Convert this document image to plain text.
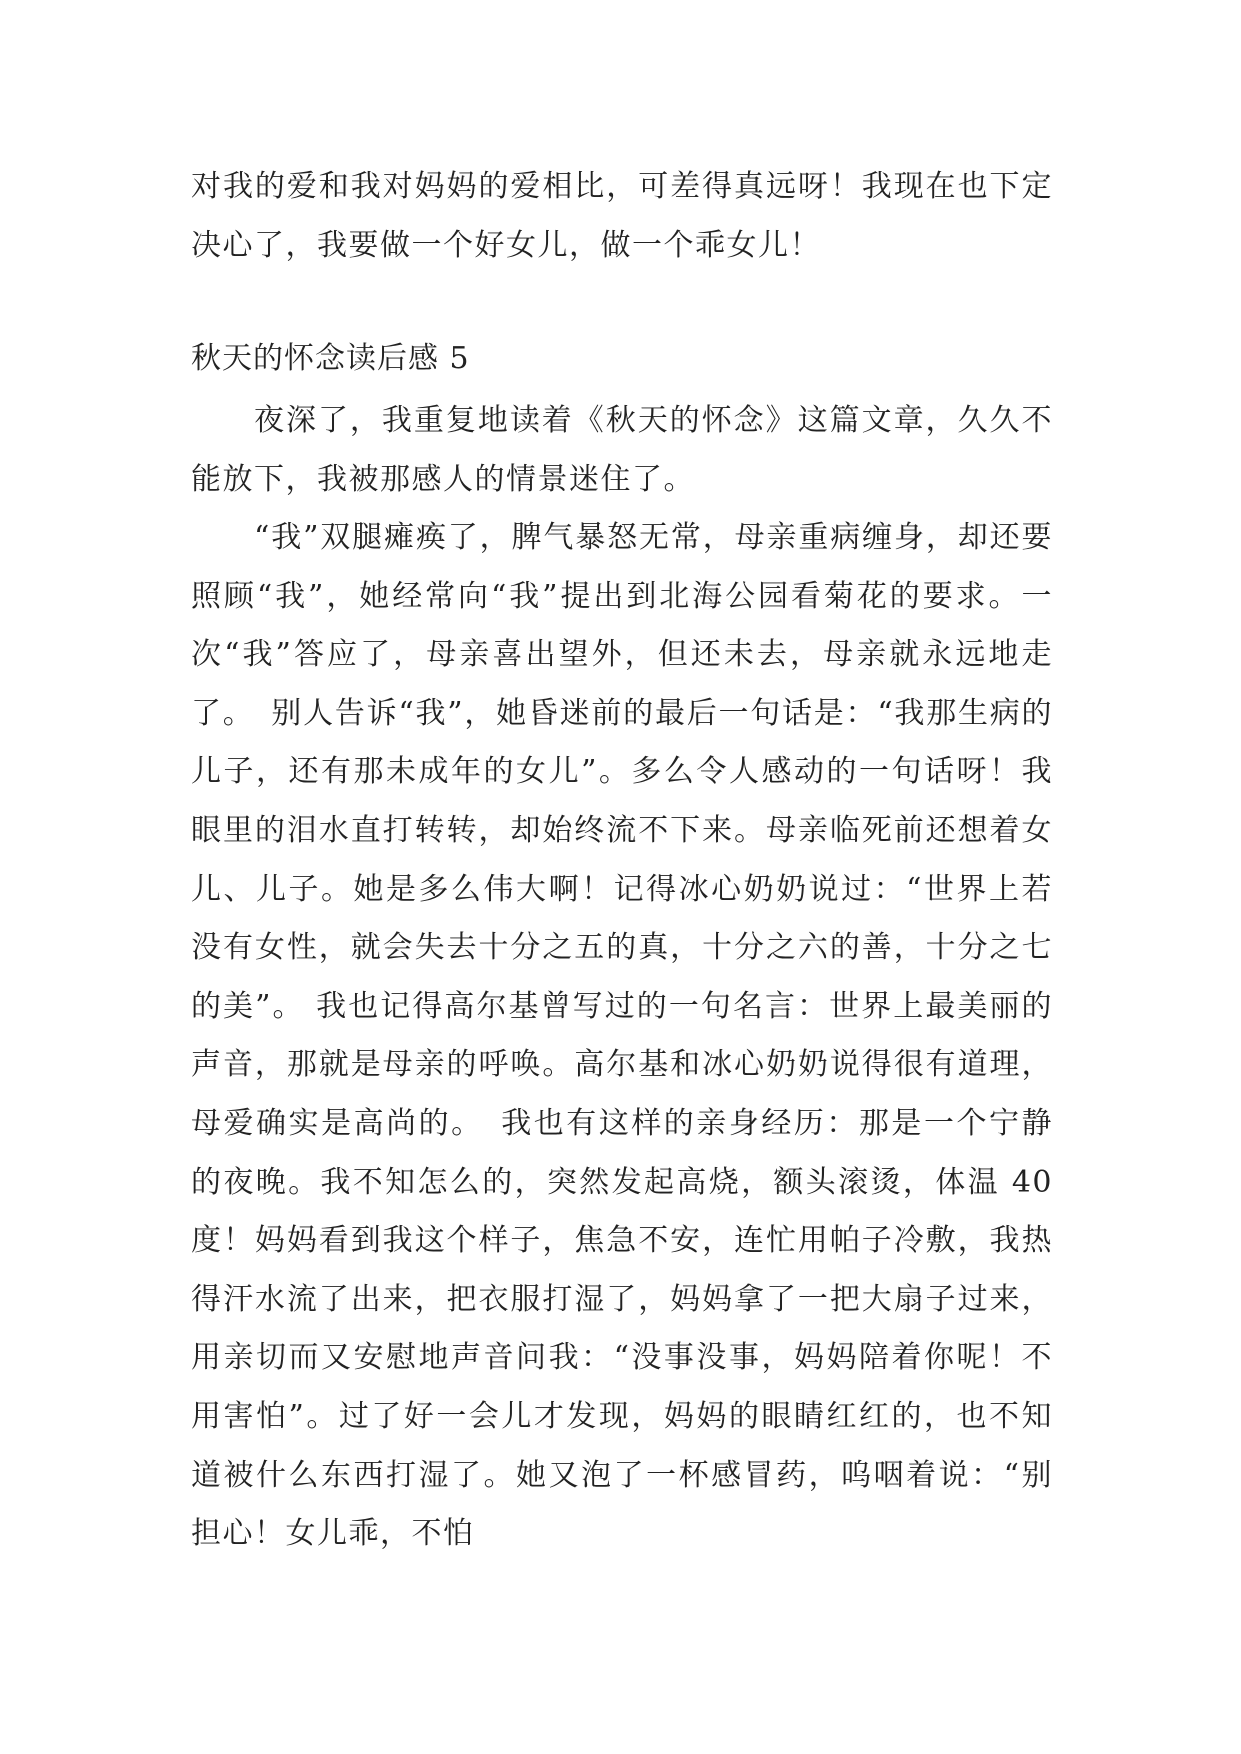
对我的爱和我对妈妈的爱相比，可差得真远呀！我现在也下定决心了，我要做一个好女儿，做一个乖女儿！

秋天的怀念读后感 5

夜深了，我重复地读着《秋天的怀念》这篇文章，久久不能放下，我被那感人的情景迷住了。

“我”双腿瘫痪了，脾气暴怒无常，母亲重病缠身，却还要照顾“我”，她经常向“我”提出到北海公园看菊花的要求。一次“我”答应了，母亲喜出望外，但还未去，母亲就永远地走了。　别人告诉“我”，她昏迷前的最后一句话是：“我那生病的儿子，还有那未成年的女儿”。多么令人感动的一句话呀！我眼里的泪水直打转转，却始终流不下来。母亲临死前还想着女儿、儿子。她是多么伟大啊！记得冰心奶奶说过：“世界上若没有女性，就会失去十分之五的真，十分之六的善，十分之七的美”。 我也记得高尔基曾写过的一句名言：世界上最美丽的声音，那就是母亲的呼唤。高尔基和冰心奶奶说得很有道理，母爱确实是高尚的。　我也有这样的亲身经历：那是一个宁静的夜晚。我不知怎么的，突然发起高烧，额头滚烫，体温 40 度！妈妈看到我这个样子，焦急不安，连忙用帕子冷敷，我热得汗水流了出来，把衣服打湿了，妈妈拿了一把大扇子过来，用亲切而又安慰地声音问我：“没事没事，妈妈陪着你呢！不用害怕”。过了好一会儿才发现，妈妈的眼睛红红的，也不知道被什么东西打湿了。她又泡了一杯感冒药，呜咽着说：“别担心！女儿乖，不怕
